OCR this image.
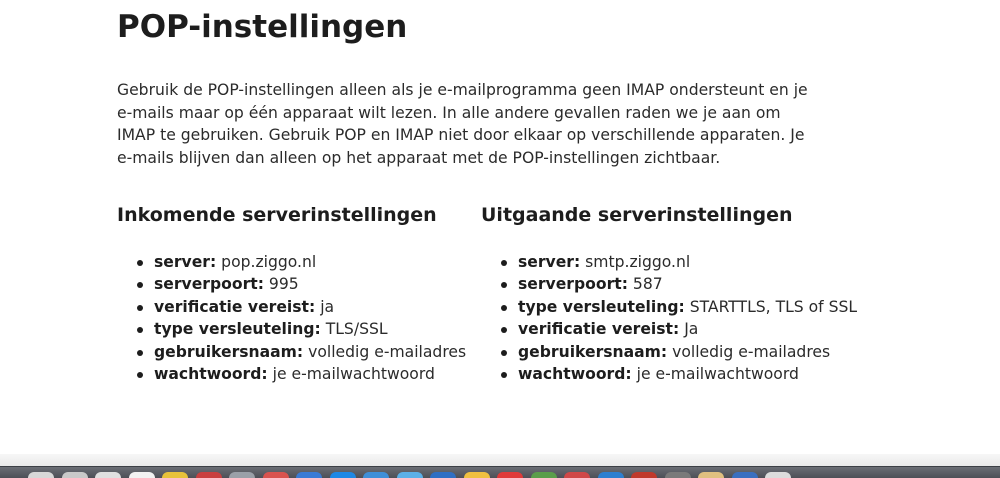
POP-instellingen

Gebruik de POP-instellingen alleen als je e-mailprogramma geen IMAP ondersteunt en je e-mails maar op één apparaat wilt lezen. In alle andere gevallen raden we je aan om IMAP te gebruiken. Gebruik POP en IMAP niet door elkaar op verschillende apparaten. Je e-mails blijven dan alleen op het apparaat met de POP-instellingen zichtbaar.

Inkomende serverinstellingen
server: pop.ziggo.nl
serverpoort: 995
verificatie vereist: ja
type versleuteling: TLS/SSL
gebruikersnaam: volledig e-mailadres
wachtwoord: je e-mailwachtwoord
Uitgaande serverinstellingen
server: smtp.ziggo.nl
serverpoort: 587
type versleuteling: STARTTLS, TLS of SSL
verificatie vereist: Ja
gebruikersnaam: volledig e-mailadres
wachtwoord: je e-mailwachtwoord
